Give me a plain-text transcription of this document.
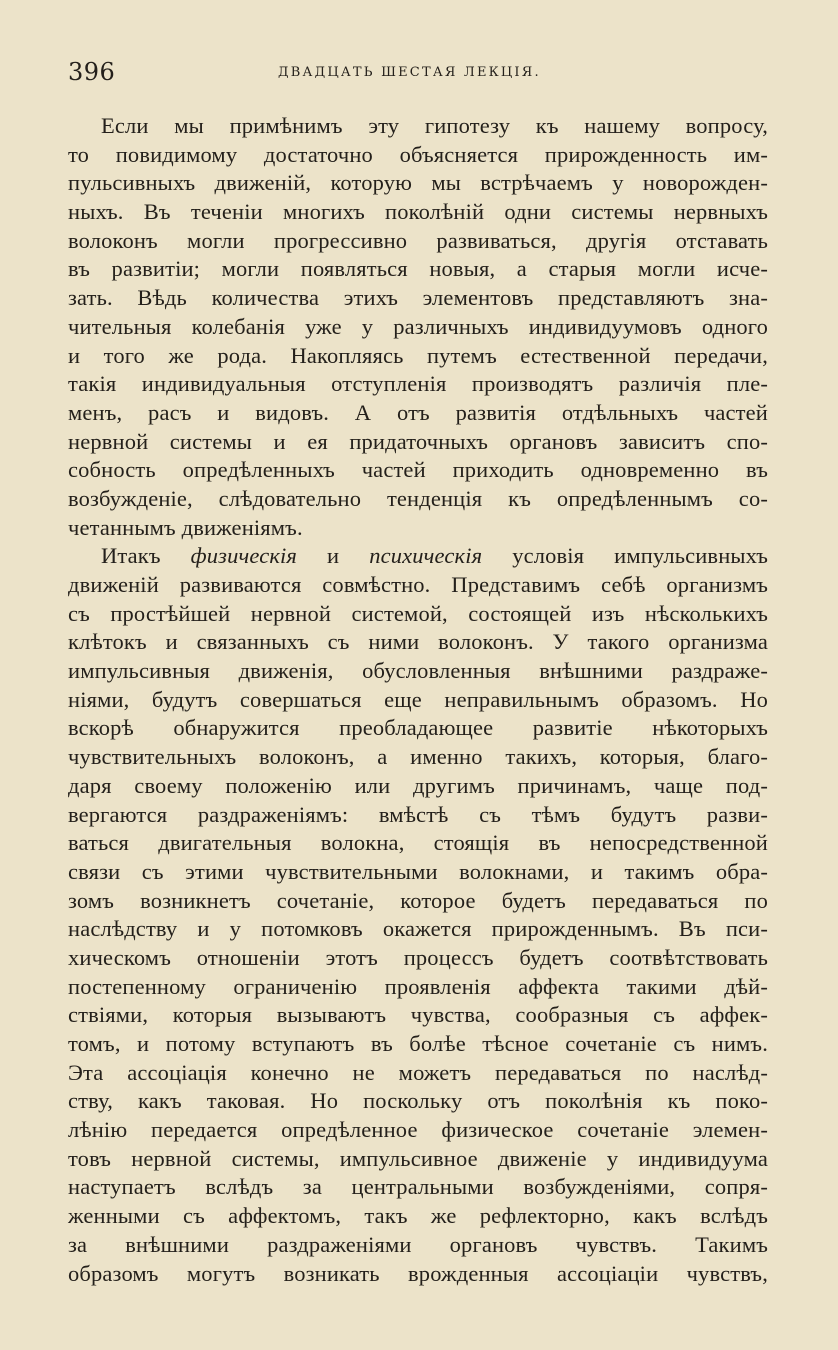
396	ДВАДЦАТЬ ШЕСТАЯ ЛЕКЦІЯ.
Если мы примѣнимъ эту гипотезу къ нашему вопросу,
то повидимому достаточно объясняется прирожденность им-
пульсивныхъ движеній, которую мы встрѣчаемъ у новорожден-
ныхъ. Въ теченіи многихъ поколѣній одни системы нервныхъ
волоконъ могли прогрессивно развиваться, другія отставать
въ развитіи; могли появляться новыя, а старыя могли исче-
зать. Вѣдь количества этихъ элементовъ представляютъ зна-
чительныя колебанія уже у различныхъ индивидуумовъ одного
и того же рода. Накопляясь путемъ естественной передачи,
такія индивидуальныя отступленія производятъ различія пле-
менъ, расъ и видовъ. А отъ развитія отдѣльныхъ частей
нервной системы и ея придаточныхъ органовъ зависитъ спо-
собность опредѣленныхъ частей приходить одновременно въ
возбужденіе, слѣдовательно тенденція къ опредѣленнымъ со-
четаннымъ движеніямъ.
Итакъ физическія и психическія условія импульсивныхъ
движеній развиваются совмѣстно. Представимъ себѣ организмъ
съ простѣйшей нервной системой, состоящей изъ нѣсколькихъ
клѣтокъ и связанныхъ съ ними волоконъ. У такого организма
импульсивныя движенія, обусловленныя внѣшними раздраже-
ніями, будутъ совершаться еще неправильнымъ образомъ. Но
вскорѣ обнаружится преобладающее развитіе нѣкоторыхъ
чувствительныхъ волоконъ, а именно такихъ, которыя, благо-
даря своему положенію или другимъ причинамъ, чаще под-
вергаются раздраженіямъ: вмѣстѣ съ тѣмъ будутъ разви-
ваться двигательныя волокна, стоящія въ непосредственной
связи съ этими чувствительными волокнами, и такимъ обра-
зомъ возникнетъ сочетаніе, которое будетъ передаваться по
наслѣдству и у потомковъ окажется прирожденнымъ. Въ пси-
хическомъ отношеніи этотъ процессъ будетъ соотвѣтствовать
постепенному ограниченію проявленія аффекта такими дѣй-
ствіями, которыя вызываютъ чувства, сообразныя съ аффек-
томъ, и потому вступаютъ въ болѣе тѣсное сочетаніе съ нимъ.
Эта ассоціація конечно не можетъ передаваться по наслѣд-
ству, какъ таковая. Но поскольку отъ поколѣнія къ поко-
лѣнію передается опредѣленное физическое сочетаніе элемен-
товъ нервной системы, импульсивное движеніе у индивидуума
наступаетъ вслѣдъ за центральными возбужденіями, сопря-
женными съ аффектомъ, такъ же рефлекторно, какъ вслѣдъ
за внѣшними раздраженіями органовъ чувствъ. Такимъ
образомъ могутъ возникать врожденныя ассоціаціи чувствъ,
